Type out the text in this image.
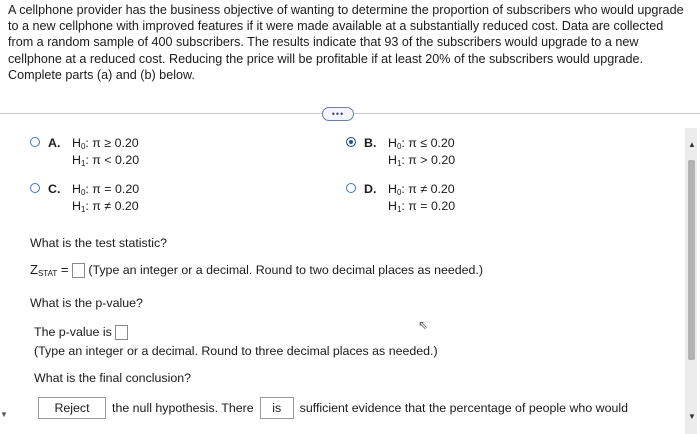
A cellphone provider has the business objective of wanting to determine the proportion of subscribers who would upgrade to a new cellphone with improved features if it were made available at a substantially reduced cost. Data are collected from a random sample of 400 subscribers. The results indicate that 93 of the subscribers would upgrade to a new cellphone at a reduced cost. Reducing the price will be profitable if at least 20% of the subscribers would upgrade. Complete parts (a) and (b) below.
•••
A. $H_0$: π ≥ 0.20
$H_1$: π < 0.20
B. $H_0$: π ≤ 0.20
$H_1$: π > 0.20
C. $H_0$: π = 0.20
$H_1$: π ≠ 0.20
D. $H_0$: π ≠ 0.20
$H_1$: π = 0.20
What is the test statistic?
$Z_{STAT}$ = (Type an integer or a decimal. Round to two decimal places as needed.)
What is the p-value?
The p-value is
(Type an integer or a decimal. Round to three decimal places as needed.)
What is the final conclusion?
Reject	the null hypothesis. There	is	sufficient evidence that the percentage of people who would
▲
▼
▼
⇖
